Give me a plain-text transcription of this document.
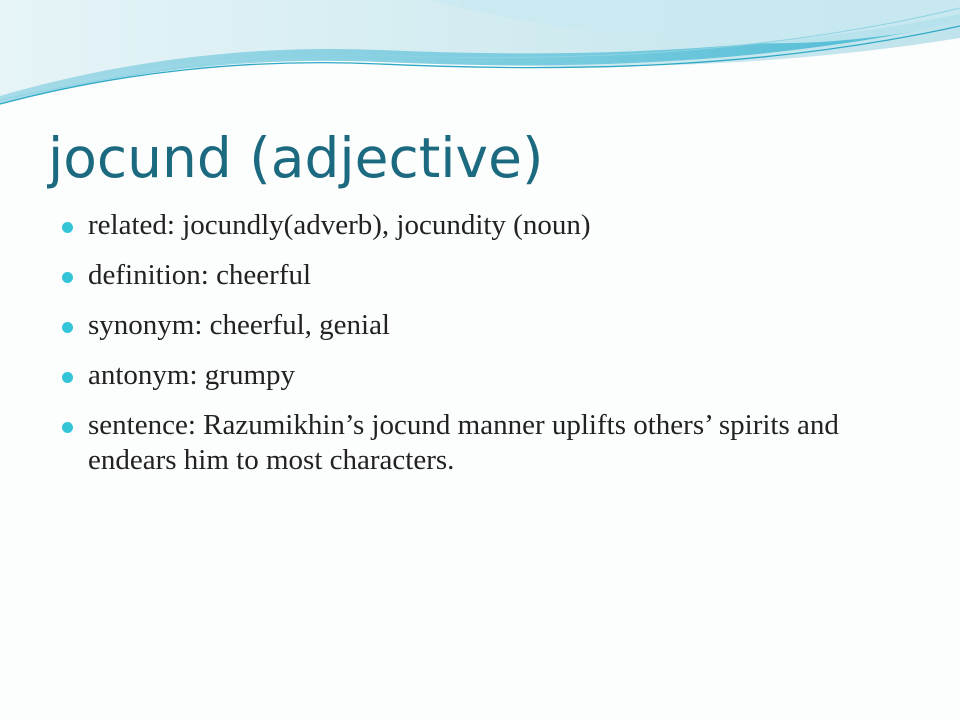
jocund (adjective)
related: jocundly(adverb), jocundity (noun)
definition: cheerful
synonym: cheerful, genial
antonym: grumpy
sentence: Razumikhin’s jocund manner uplifts others’ spirits and endears him to most characters.
